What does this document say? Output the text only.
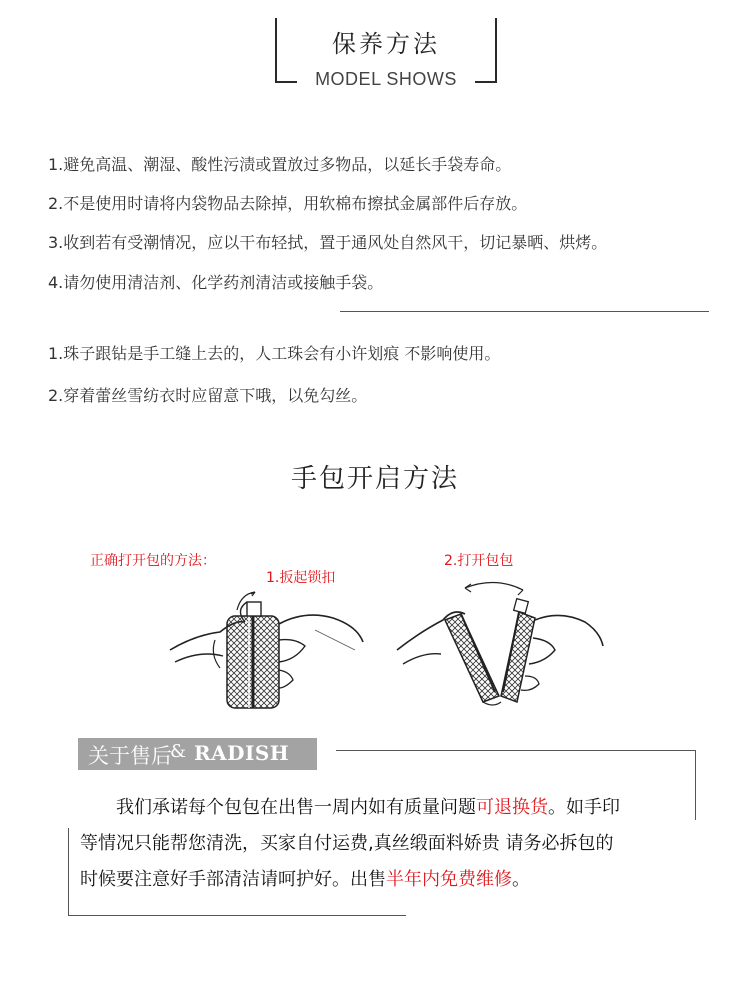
保养方法
MODEL SHOWS
1.避免高温、潮湿、酸性污渍或置放过多物品，以延长手袋寿命。
2.不是使用时请将内袋物品去除掉，用软棉布擦拭金属部件后存放。
3.收到若有受潮情况，应以干布轻拭，置于通风处自然风干，切记暴晒、烘烤。
4.请勿使用清洁剂、化学药剂清洁或接触手袋。
1.珠子跟钻是手工缝上去的，人工珠会有小许划痕 不影响使用。
2.穿着蕾丝雪纺衣时应留意下哦，以免勾丝。
手包开启方法
正确打开包的方法：
1.扳起锁扣
2.打开包包
关于售后
& RADISH
我们承诺每个包包在出售一周内如有质量问题可退换货。如手印
等情况只能帮您清洗，买家自付运费,真丝缎面料娇贵 请务必拆包的
时候要注意好手部清洁请呵护好。出售半年内免费维修。
